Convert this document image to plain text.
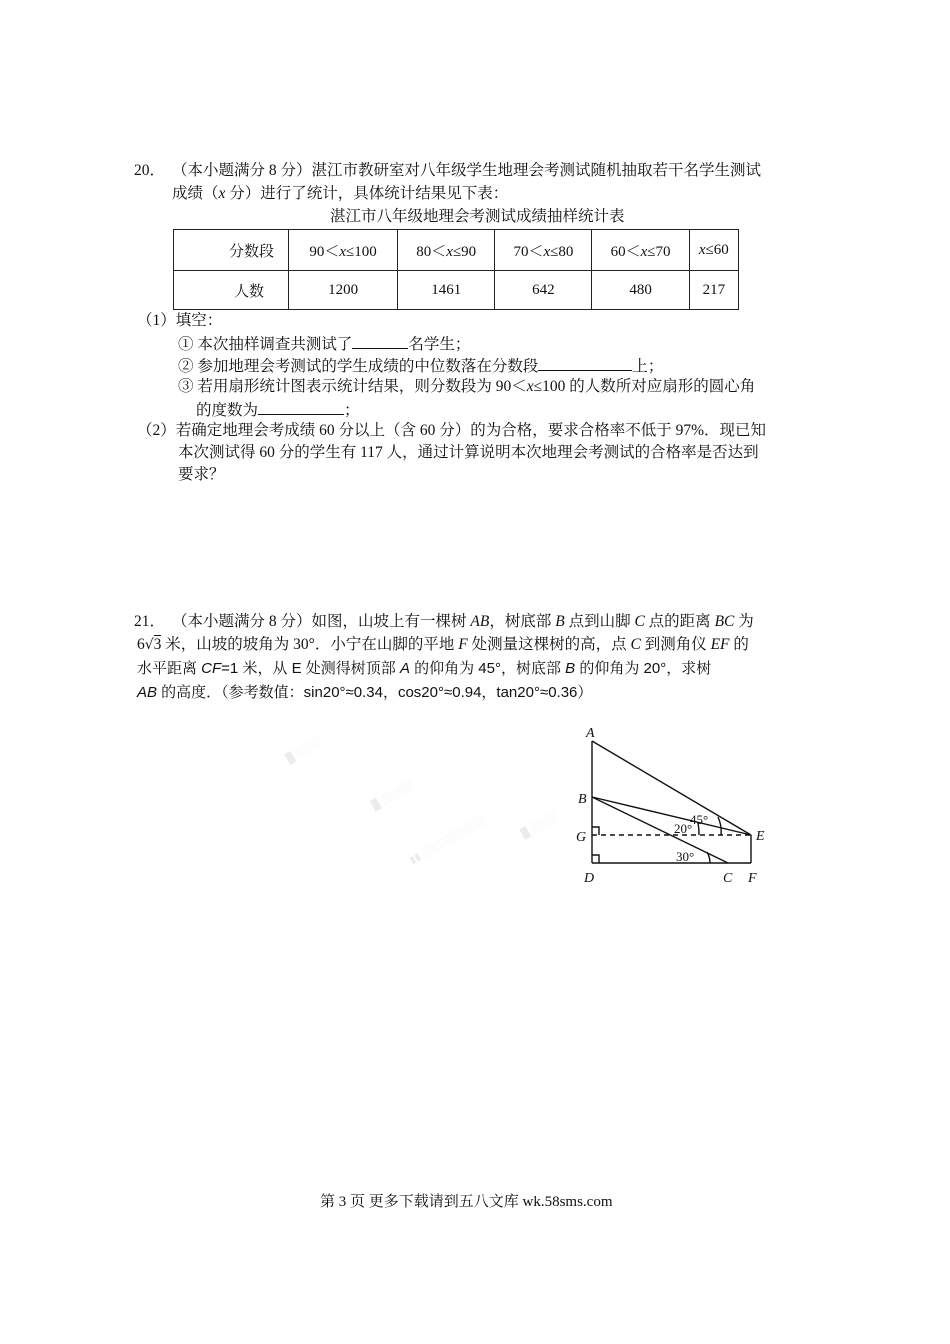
█ ░░░░
█ ░░░░░
▮▮ ░░░░░░░░░░	█ ░░░░
20． （本小题满分 8 分）湛江市教研室对八年级学生地理会考测试随机抽取若干名学生测试
成绩（x 分）进行了统计，具体统计结果见下表：
湛江市八年级地理会考测试成绩抽样统计表
分数段	90＜x≤100	80＜x≤90	70＜x≤80	60＜x≤70	x≤60
人数	1200	1461	642	480	217
（1）填空：
① 本次抽样调查共测试了	名学生；
② 参加地理会考测试的学生成绩的中位数落在分数段	上；
③ 若用扇形统计图表示统计结果，则分数段为 90＜x≤100 的人数所对应扇形的圆心角
的度数为	；
（2）若确定地理会考成绩 60 分以上（含 60 分）的为合格，要求合格率不低于 97%．现已知
本次测试得 60 分的学生有 117 人，通过计算说明本次地理会考测试的合格率是否达到
要求？
21． （本小题满分 8 分）如图，山坡上有一棵树 AB，树底部 B 点到山脚 C 点的距离 BC 为
6√3 米，山坡的坡角为 30°．小宁在山脚的平地 F 处测量这棵树的高，点 C 到测角仪 EF 的
水平距离 CF=1 米，从 E 处测得树顶部 A 的仰角为 45°，树底部 B 的仰角为 20°，求树
AB 的高度．（参考数值：sin20°≈0.34，cos20°≈0.94，tan20°≈0.36）
A
B
G
D	C F
E
45°
20°
30°
第 3 页 更多下载请到五八文库 wk.58sms.com
